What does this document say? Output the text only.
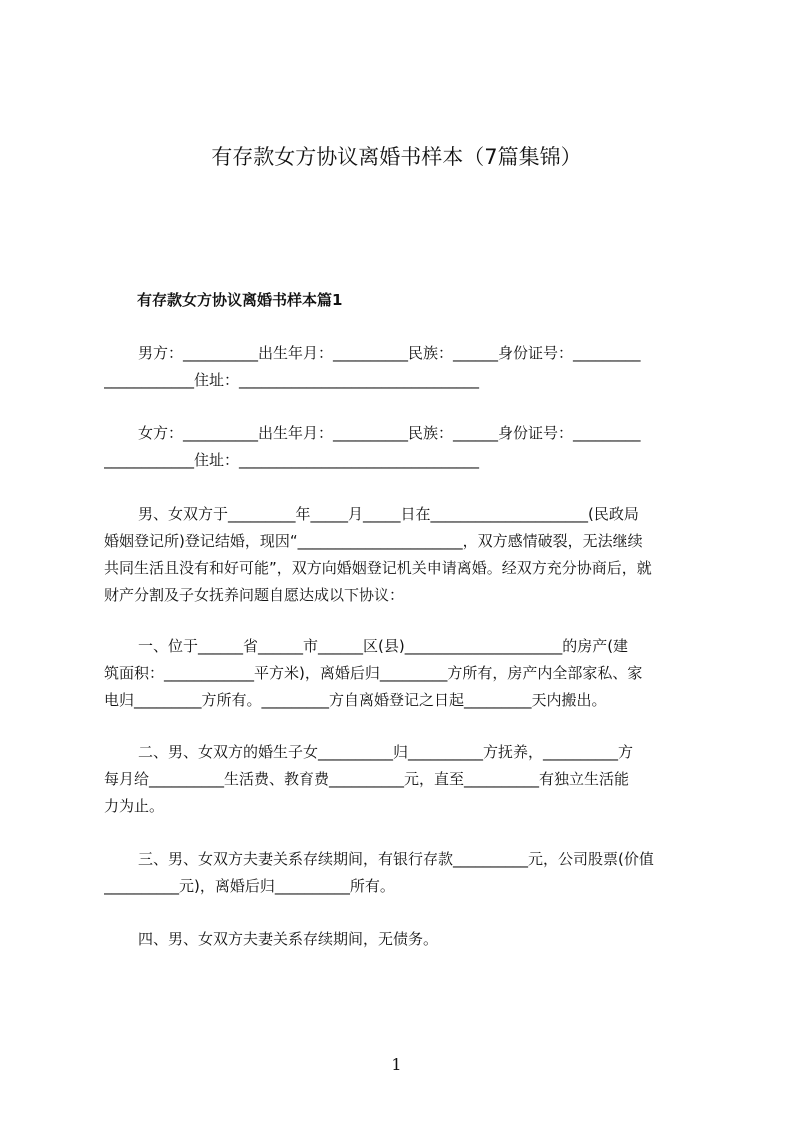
有存款女方协议离婚书样本（7篇集锦）
有存款女方协议离婚书样本篇1
男方：__________出生年月：__________民族：______身份证号：_________
____________住址：________________________________
女方：__________出生年月：__________民族：______身份证号：_________
____________住址：________________________________
男、女双方于_________年_____月_____日在_____________________(民政局
婚姻登记所)登记结婚，现因“______________________，双方感情破裂，无法继续
共同生活且没有和好可能”，双方向婚姻登记机关申请离婚。经双方充分协商后，就
财产分割及子女抚养问题自愿达成以下协议：
一、位于______省______市______区(县)_____________________的房产(建
筑面积：____________平方米)，离婚后归_________方所有，房产内全部家私、家
电归_________方所有。_________方自离婚登记之日起_________天内搬出。
二、男、女双方的婚生子女__________归__________方抚养，__________方
每月给__________生活费、教育费__________元，直至__________有独立生活能
力为止。
三、男、女双方夫妻关系存续期间，有银行存款__________元，公司股票(价值
__________元)，离婚后归__________所有。
四、男、女双方夫妻关系存续期间，无债务。
1
